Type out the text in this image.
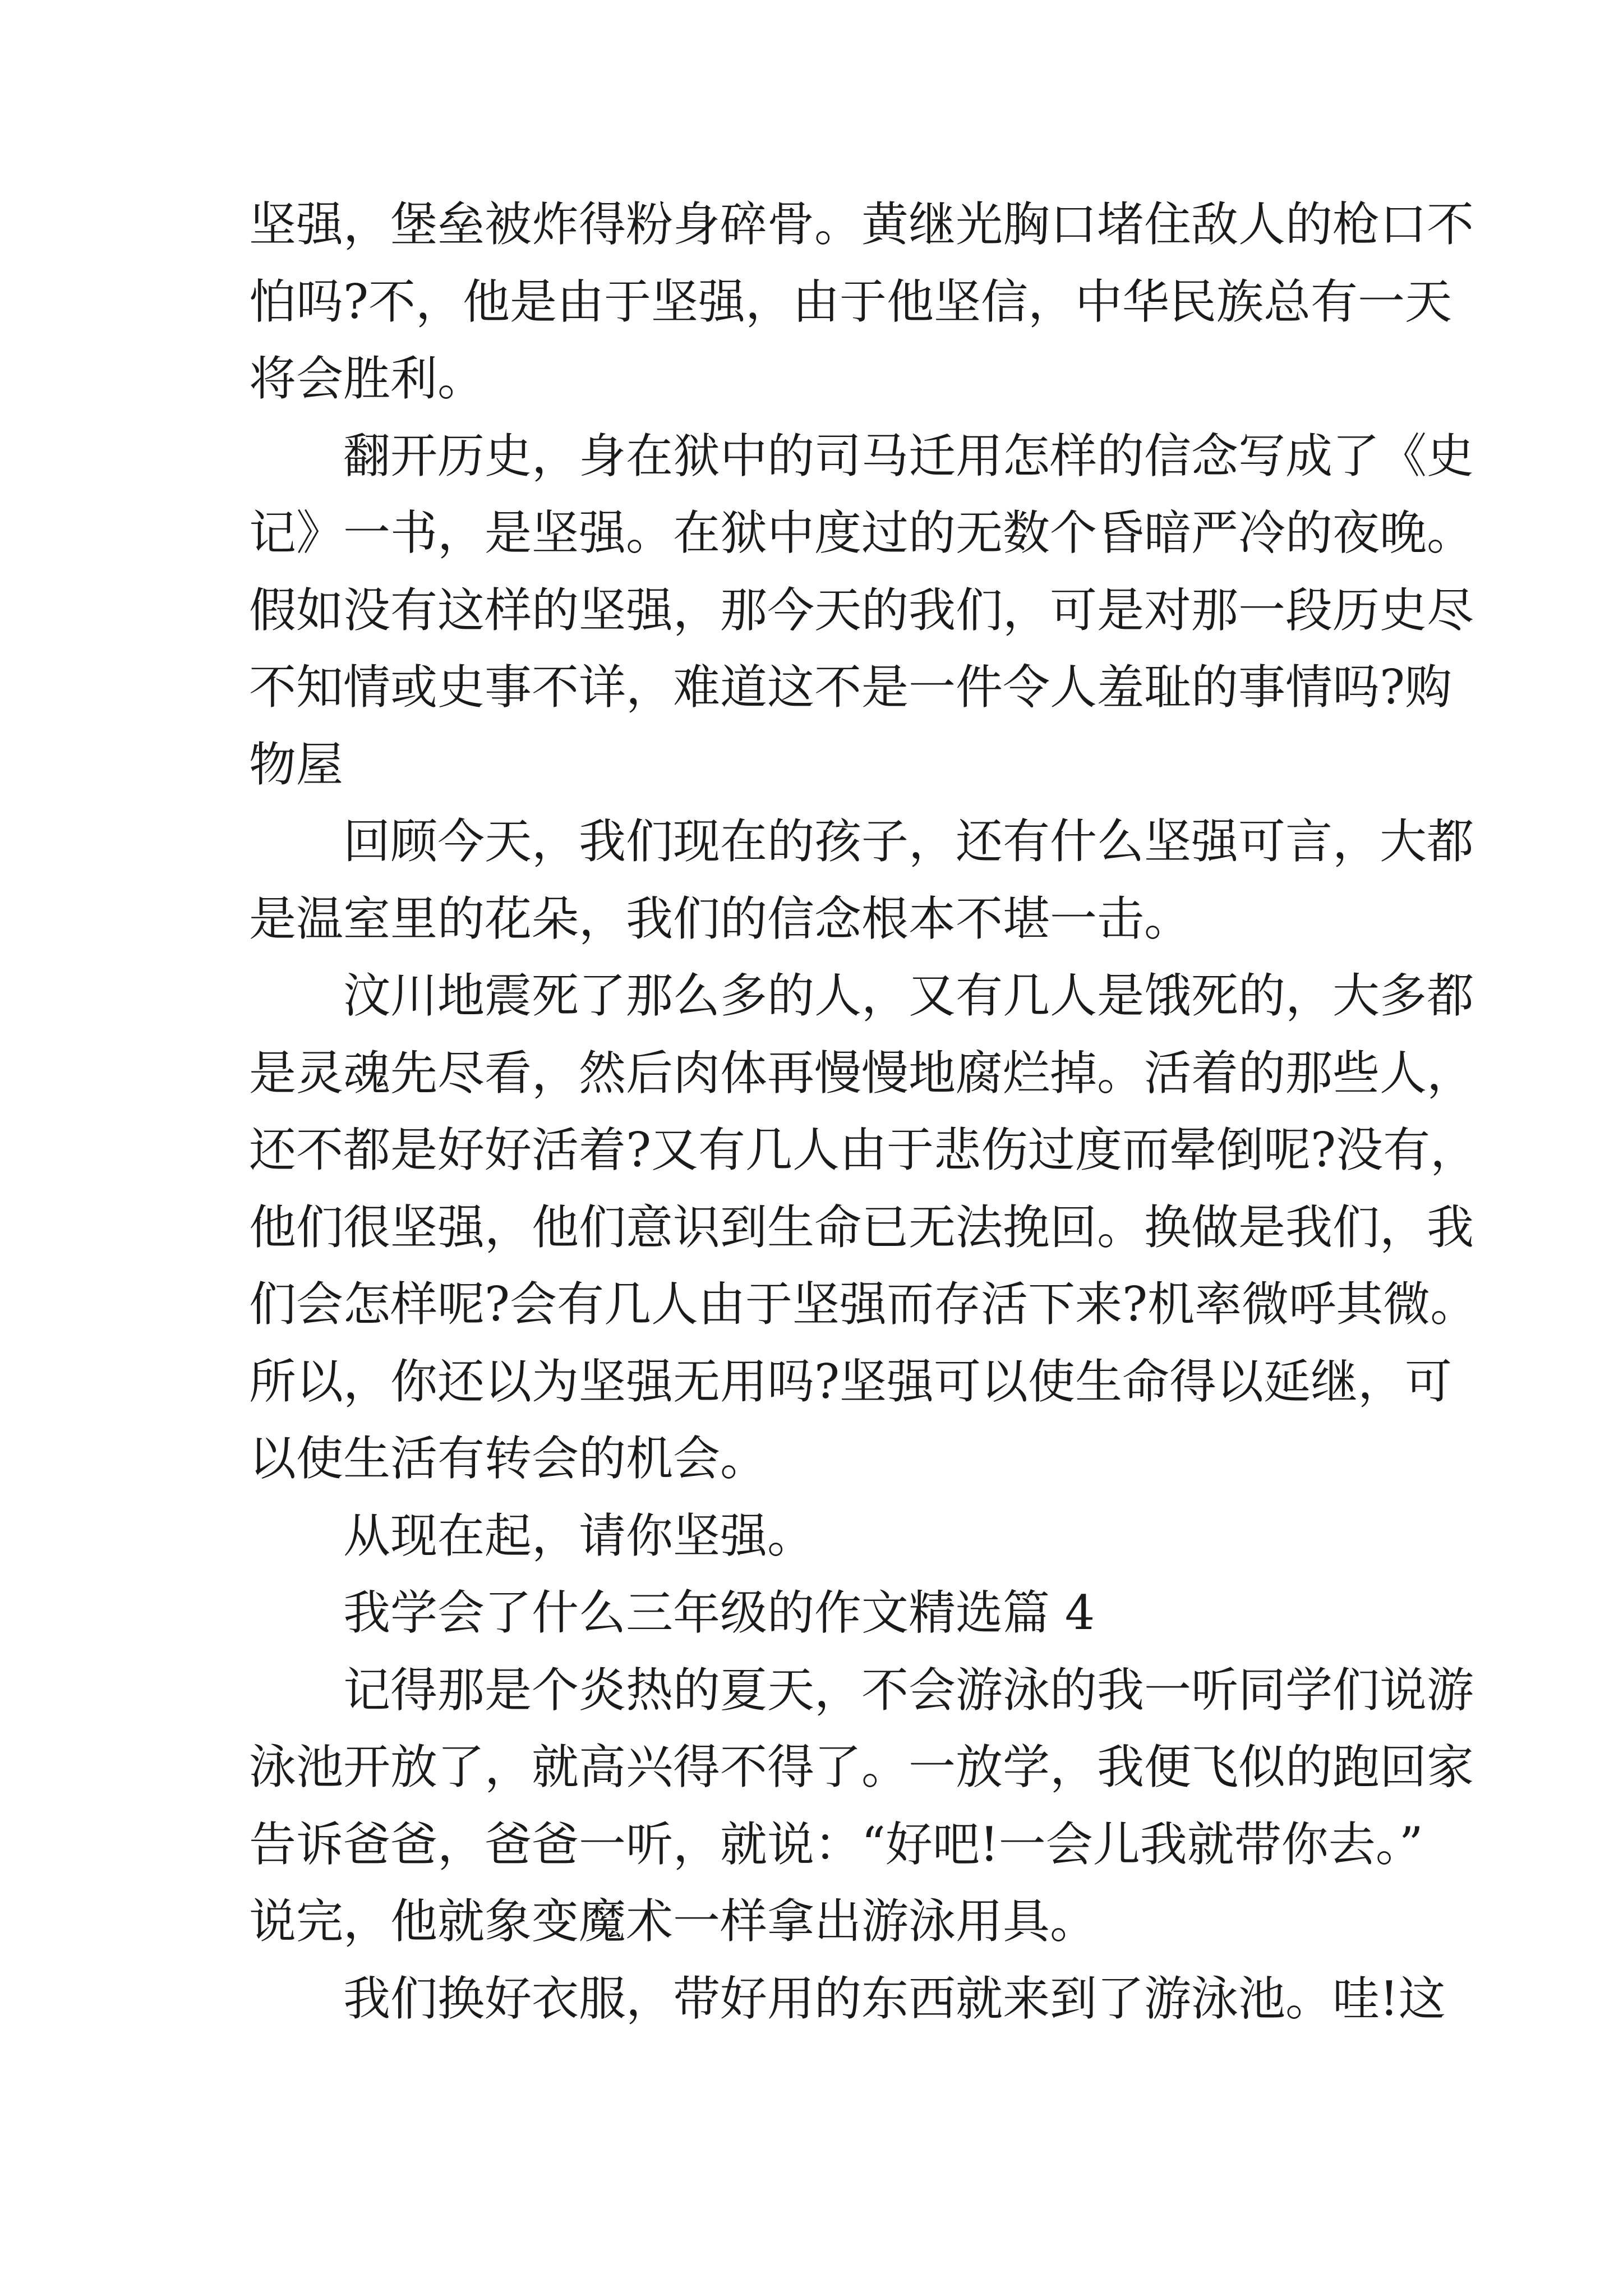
坚强，堡垒被炸得粉身碎骨。黄继光胸口堵住敌人的枪口不
怕吗?不，他是由于坚强，由于他坚信，中华民族总有一天
将会胜利。
翻开历史，身在狱中的司马迁用怎样的信念写成了《史
记》一书，是坚强。在狱中度过的无数个昏暗严冷的夜晚。
假如没有这样的坚强，那今天的我们，可是对那一段历史尽
不知情或史事不详，难道这不是一件令人羞耻的事情吗?购
物屋
回顾今天，我们现在的孩子，还有什么坚强可言，大都
是温室里的花朵，我们的信念根本不堪一击。
汶川地震死了那么多的人，又有几人是饿死的，大多都
是灵魂先尽看，然后肉体再慢慢地腐烂掉。活着的那些人，
还不都是好好活着?又有几人由于悲伤过度而晕倒呢?没有，
他们很坚强，他们意识到生命已无法挽回。换做是我们，我
们会怎样呢?会有几人由于坚强而存活下来?机率微呼其微。
所以，你还以为坚强无用吗?坚强可以使生命得以延继，可
以使生活有转会的机会。
从现在起，请你坚强。
我学会了什么三年级的作文精选篇 4
记得那是个炎热的夏天，不会游泳的我一听同学们说游
泳池开放了，就高兴得不得了。一放学，我便飞似的跑回家
告诉爸爸，爸爸一听，就说：“好吧!一会儿我就带你去。”
说完，他就象变魔术一样拿出游泳用具。
我们换好衣服，带好用的东西就来到了游泳池。哇!这
